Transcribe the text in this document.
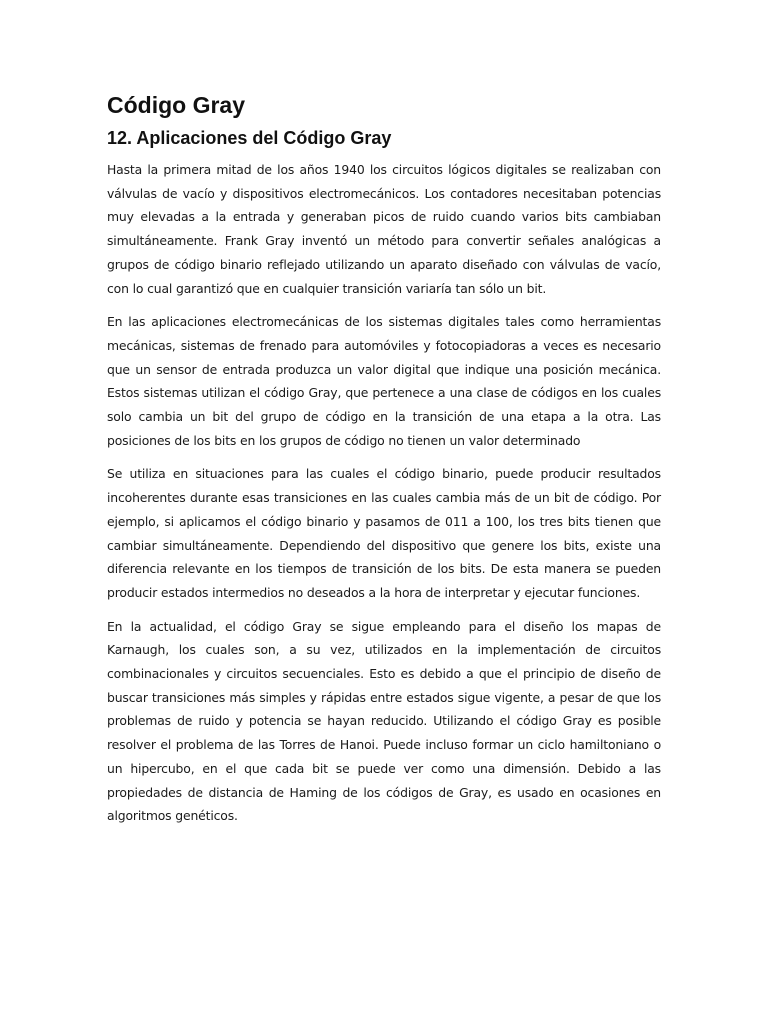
Código Gray
12. Aplicaciones del Código Gray

Hasta la primera mitad de los años 1940 los circuitos lógicos digitales se realizaban con válvulas de vacío y dispositivos electromecánicos. Los contadores necesitaban potencias muy elevadas a la entrada y generaban picos de ruido cuando varios bits cambiaban simultáneamente. Frank Gray inventó un método para convertir señales analógicas a grupos de código binario reflejado utilizando un aparato diseñado con válvulas de vacío, con lo cual garantizó que en cualquier transición variaría tan sólo un bit.

En las aplicaciones electromecánicas de los sistemas digitales tales como herramientas mecánicas, sistemas de frenado para automóviles y fotocopiadoras a veces es necesario que un sensor de entrada produzca un valor digital que indique una posición mecánica. Estos sistemas utilizan el código Gray, que pertenece a una clase de códigos en los cuales solo cambia un bit del grupo de código en la transición de una etapa a la otra. Las posiciones de los bits en los grupos de código no tienen un valor determinado

Se utiliza en situaciones para las cuales el código binario, puede producir resultados incoherentes durante esas transiciones en las cuales cambia más de un bit de código. Por ejemplo, si aplicamos el código binario y pasamos de 011 a 100, los tres bits tienen que cambiar simultáneamente. Dependiendo del dispositivo que genere los bits, existe una diferencia relevante en los tiempos de transición de los bits. De esta manera se pueden producir estados intermedios no deseados a la hora de interpretar y ejecutar funciones.

En la actualidad, el código Gray se sigue empleando para el diseño los mapas de Karnaugh, los cuales son, a su vez, utilizados en la implementación de circuitos combinacionales y circuitos secuenciales. Esto es debido a que el principio de diseño de buscar transiciones más simples y rápidas entre estados sigue vigente, a pesar de que los problemas de ruido y potencia se hayan reducido. Utilizando el código Gray es posible resolver el problema de las Torres de Hanoi. Puede incluso formar un ciclo hamiltoniano o un hipercubo, en el que cada bit se puede ver como una dimensión. Debido a las propiedades de distancia de Haming de los códigos de Gray, es usado en ocasiones en algoritmos genéticos.
